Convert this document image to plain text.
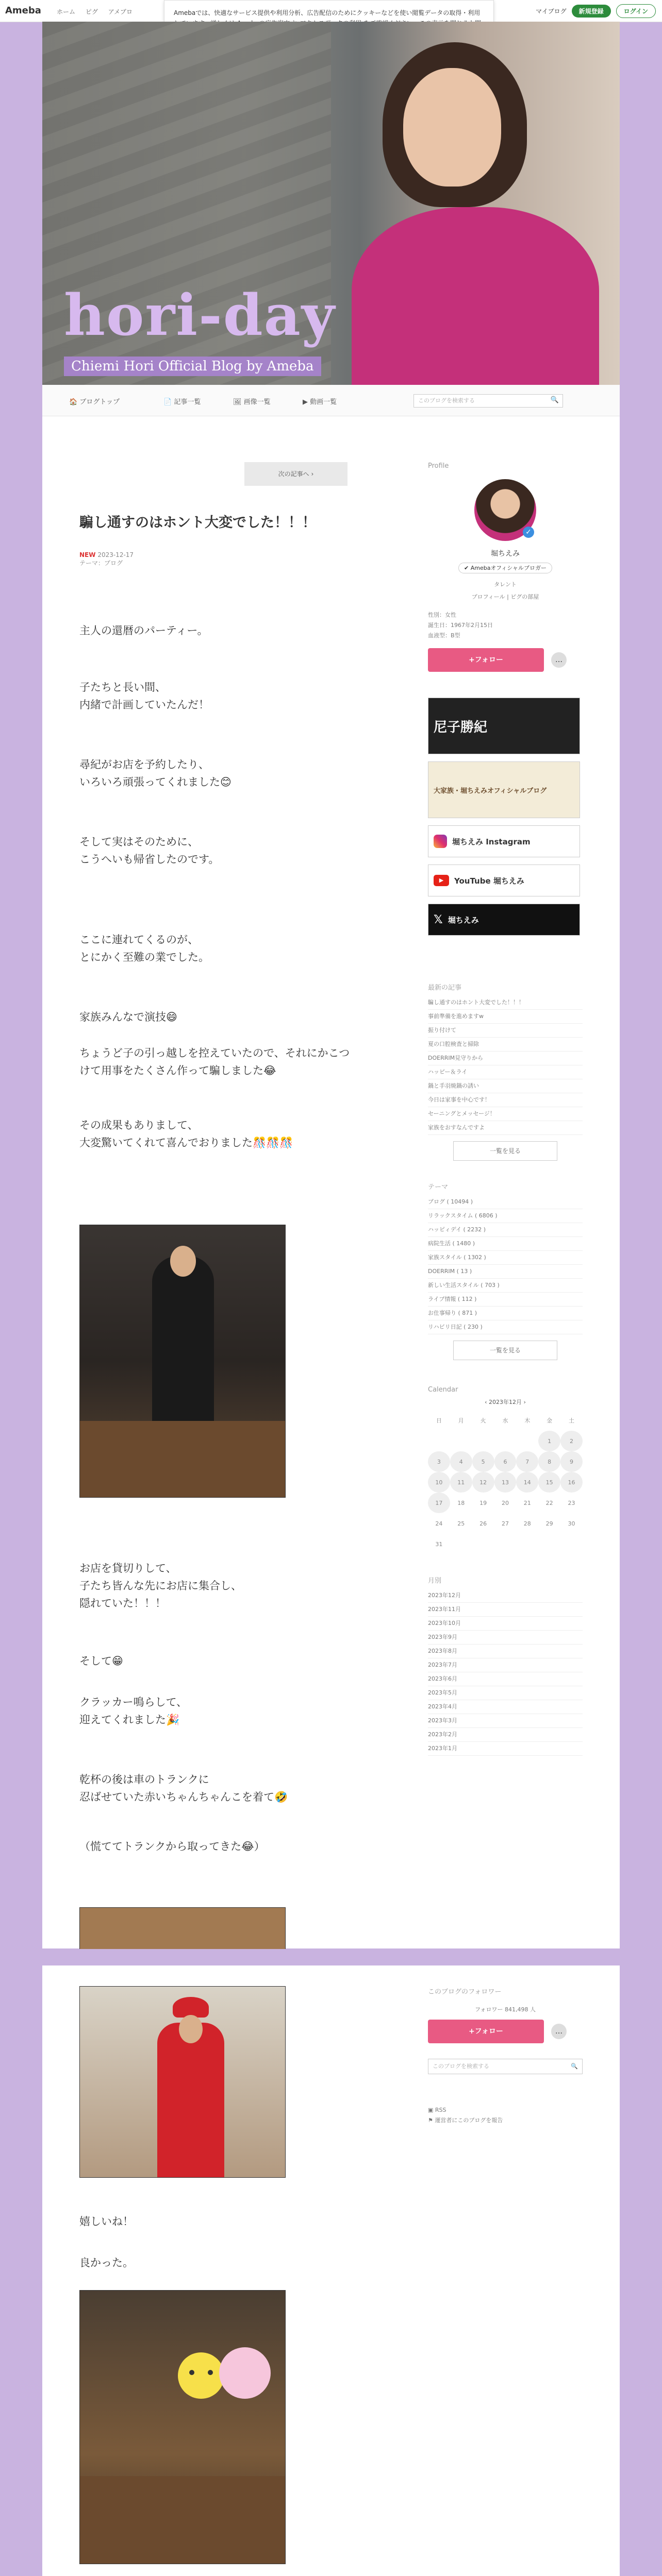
Ameba	ホーム ピグ アメブロ	マイブログ	新規登録	ログイン
Amebaでは、快適なサービス提供や利用分析、広告配信のためにクッキーなどを使い閲覧データの取得・利用
hori-day
Chiemi Hori Official Blog by Ameba
🏠 ブログトップ	📄 記事一覧	🖼 画像一覧	▶ 動画一覧	このブログを検索する	🔍
次の記事へ ›
騙し通すのはホント大変でした！！！
NEW 2023-12-17
テーマ：ブログ

主人の還暦のパーティー。

子たちと長い間、

内緒で計画していたんだ！

尋紀がお店を予約したり、

いろいろ頑張ってくれました😊

そして実はそのために、

こうへいも帰省したのです。

ここに連れてくるのが、

とにかく至難の業でした。

家族みんなで演技😄

ちょうど子の引っ越しを控えていたので、それにかこつ

けて用事をたくさん作って騙しました😂

その成果もありまして、

大変驚いてくれて喜んでおりました🎊🎊🎊

お店を貸切りして、

子たち皆んな先にお店に集合し、

隠れていた！！！

そして😁

クラッカー鳴らして、

迎えてくれました🎉

乾杯の後は車のトランクに

忍ばせていた赤いちゃんちゃんこを着て🤣

（慌ててトランクから取ってきた😂）

Profile
✓
堀ちえみ
✔ Amebaオフィシャルブロガー
タレント
プロフィール | ピグの部屋
性別：女性
誕生日：1967年2月15日
血液型：B型
+フォロー	…
尼子勝紀
大家族・堀ちえみオフィシャルブログ
堀ちえみ Instagram
▶	YouTube 堀ちえみ
𝕏 堀ちえみ
最新の記事
騙し通すのはホント大変でした！！！
事前準備を進めますw
振り付けて
夏の口腔検査と掃除
DOERRIM見守りから
ハッピー＆ライ
鍋と手羽焼鍋の誘い
今日は家事を中心です！
セーニングとメッセージ！
家族をおすなんですよ
一覧を見る
テーマ
ブログ ( 10494 )
リラックスタイム ( 6806 )
ハッピィデイ ( 2232 )
病院生活 ( 1480 )
家族スタイル ( 1302 )
DOERRIM ( 13 )
新しい生活スタイル ( 703 )
ライブ情報 ( 112 )
お仕事帰り ( 871 )
リハビリ日記 ( 230 )
一覧を見る
Calendar
‹ 2023年12月 ›
日	月	火	水	木	金	土
					1	2
3	4	5	6	7	8	9
10	11	12	13	14	15	16
17	18	19	20	21	22	23
24	25	26	27	28	29	30
31						
月別
2023年12月
2023年11月
2023年10月
2023年9月
2023年8月
2023年7月
2023年6月
2023年5月
2023年4月
2023年3月
2023年2月
2023年1月

嬉しいね！

良かった。

このブログのフォロワー
フォロワー 841,498 人
+フォロー	…
このブログを検索する	🔍
▣ RSS
⚑ 運営者にこのブログを報告
